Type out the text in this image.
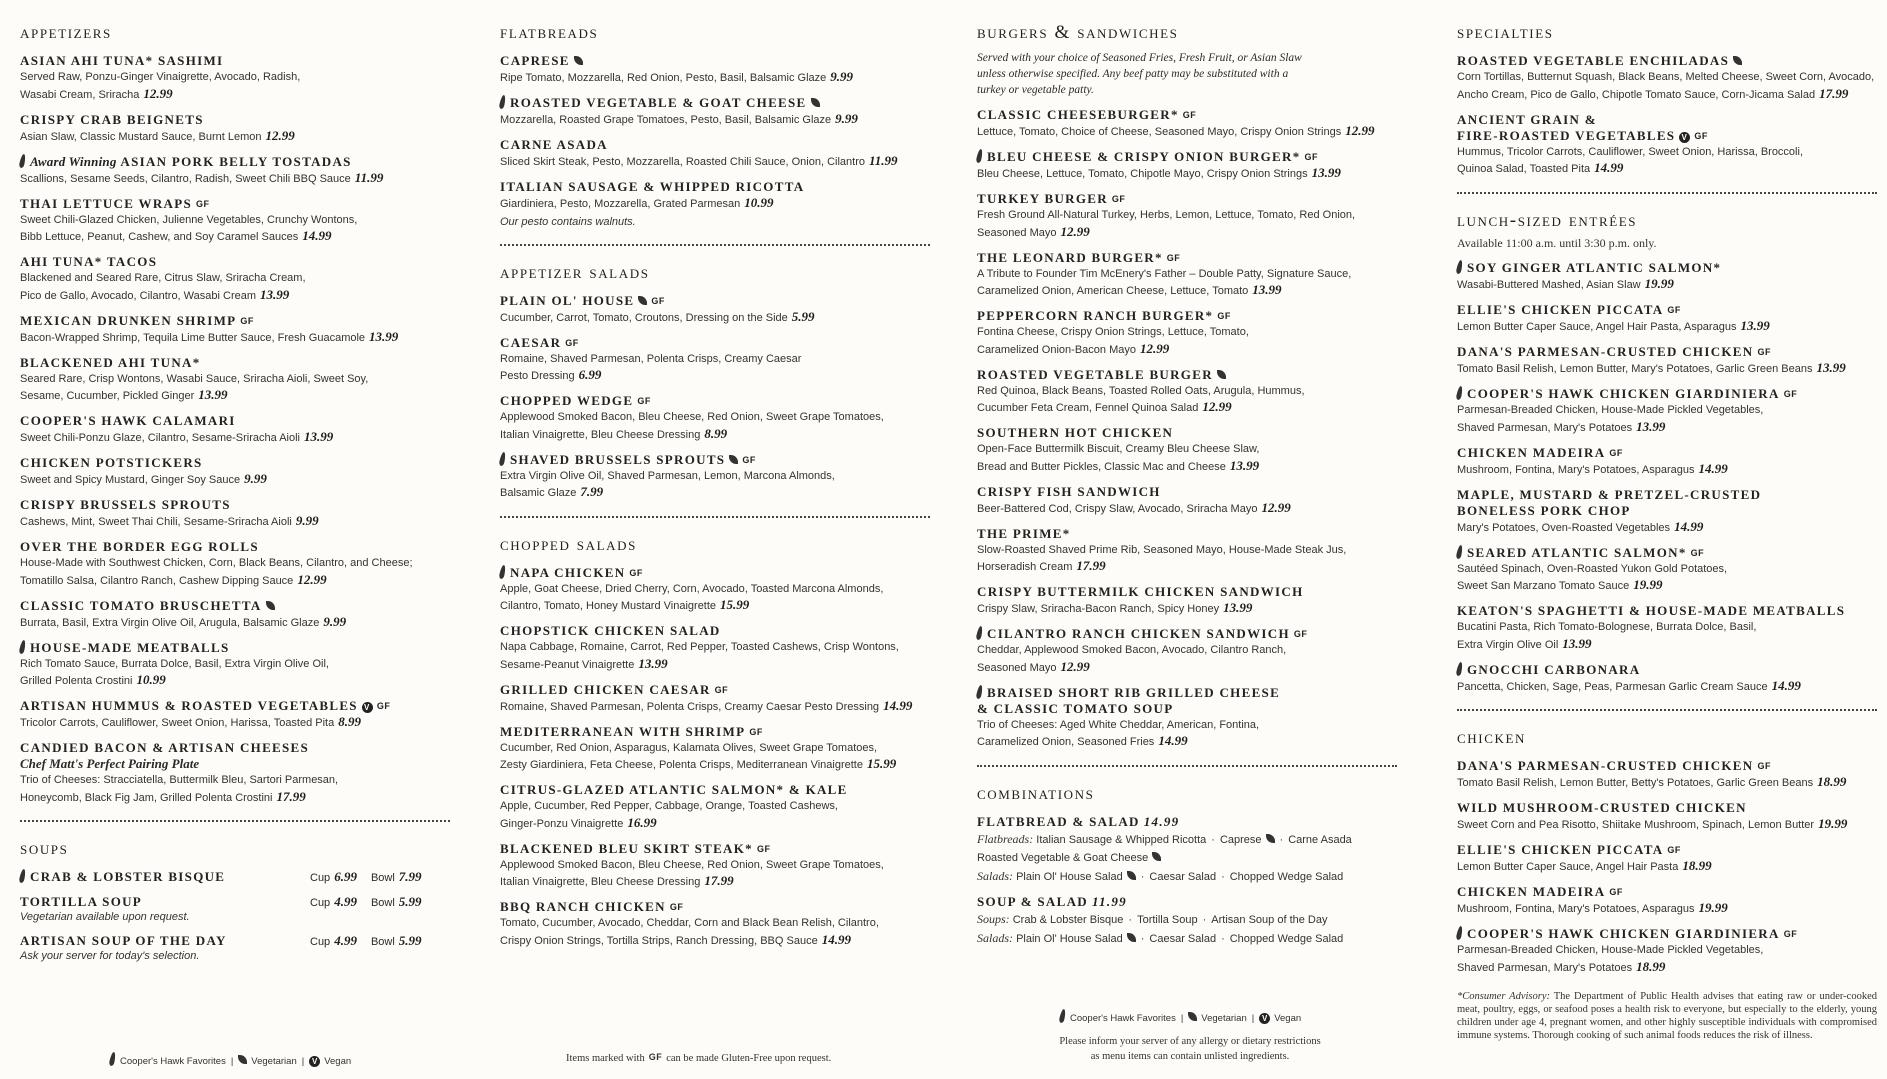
appetizers
ASIAN AHI TUNA* SASHIMI
Served Raw, Ponzu-Ginger Vinaigrette, Avocado, Radish,
Wasabi Cream, Sriracha 12.99
CRISPY CRAB BEIGNETS
Asian Slaw, Classic Mustard Sauce, Burnt Lemon 12.99
Award Winning ASIAN PORK BELLY TOSTADAS
Scallions, Sesame Seeds, Cilantro, Radish, Sweet Chili BBQ Sauce 11.99
THAI LETTUCE WRAPS GF
Sweet Chili-Glazed Chicken, Julienne Vegetables, Crunchy Wontons,
Bibb Lettuce, Peanut, Cashew, and Soy Caramel Sauces 14.99
AHI TUNA* TACOS
Blackened and Seared Rare, Citrus Slaw, Sriracha Cream,
Pico de Gallo, Avocado, Cilantro, Wasabi Cream 13.99
MEXICAN DRUNKEN SHRIMP GF
Bacon-Wrapped Shrimp, Tequila Lime Butter Sauce, Fresh Guacamole 13.99
BLACKENED AHI TUNA*
Seared Rare, Crisp Wontons, Wasabi Sauce, Sriracha Aioli, Sweet Soy,
Sesame, Cucumber, Pickled Ginger 13.99
COOPER'S HAWK CALAMARI
Sweet Chili-Ponzu Glaze, Cilantro, Sesame-Sriracha Aioli 13.99
CHICKEN POTSTICKERS
Sweet and Spicy Mustard, Ginger Soy Sauce 9.99
CRISPY BRUSSELS SPROUTS
Cashews, Mint, Sweet Thai Chili, Sesame-Sriracha Aioli 9.99
OVER THE BORDER EGG ROLLS
House-Made with Southwest Chicken, Corn, Black Beans, Cilantro, and Cheese;
Tomatillo Salsa, Cilantro Ranch, Cashew Dipping Sauce 12.99
CLASSIC TOMATO BRUSCHETTA
Burrata, Basil, Extra Virgin Olive Oil, Arugula, Balsamic Glaze 9.99
HOUSE-MADE MEATBALLS
Rich Tomato Sauce, Burrata Dolce, Basil, Extra Virgin Olive Oil,
Grilled Polenta Crostini 10.99
ARTISAN HUMMUS & ROASTED VEGETABLES V GF
Tricolor Carrots, Cauliflower, Sweet Onion, Harissa, Toasted Pita 8.99
CANDIED BACON & ARTISAN CHEESES
Chef Matt's Perfect Pairing Plate
Trio of Cheeses: Stracciatella, Buttermilk Bleu, Sartori Parmesan,
Honeycomb, Black Fig Jam, Grilled Polenta Crostini 17.99
soups
CRAB & LOBSTER BISQUE	Cup 6.99 Bowl 7.99
TORTILLA SOUP	Cup 4.99 Bowl 5.99
Vegetarian available upon request.
ARTISAN SOUP OF THE DAY	Cup 4.99 Bowl 5.99
Ask your server for today's selection.
Cooper's Hawk Favorites | Vegetarian | V Vegan
flatbreads
CAPRESE
Ripe Tomato, Mozzarella, Red Onion, Pesto, Basil, Balsamic Glaze 9.99
ROASTED VEGETABLE & GOAT CHEESE
Mozzarella, Roasted Grape Tomatoes, Pesto, Basil, Balsamic Glaze 9.99
CARNE ASADA
Sliced Skirt Steak, Pesto, Mozzarella, Roasted Chili Sauce, Onion, Cilantro 11.99
ITALIAN SAUSAGE & WHIPPED RICOTTA
Giardiniera, Pesto, Mozzarella, Grated Parmesan 10.99
Our pesto contains walnuts.
appetizer salads
PLAIN OL' HOUSE GF
Cucumber, Carrot, Tomato, Croutons, Dressing on the Side 5.99
CAESAR GF
Romaine, Shaved Parmesan, Polenta Crisps, Creamy Caesar
Pesto Dressing 6.99
CHOPPED WEDGE GF
Applewood Smoked Bacon, Bleu Cheese, Red Onion, Sweet Grape Tomatoes,
Italian Vinaigrette, Bleu Cheese Dressing 8.99
SHAVED BRUSSELS SPROUTS GF
Extra Virgin Olive Oil, Shaved Parmesan, Lemon, Marcona Almonds,
Balsamic Glaze 7.99
chopped salads
NAPA CHICKEN GF
Apple, Goat Cheese, Dried Cherry, Corn, Avocado, Toasted Marcona Almonds,
Cilantro, Tomato, Honey Mustard Vinaigrette 15.99
CHOPSTICK CHICKEN SALAD
Napa Cabbage, Romaine, Carrot, Red Pepper, Toasted Cashews, Crisp Wontons,
Sesame-Peanut Vinaigrette 13.99
GRILLED CHICKEN CAESAR GF
Romaine, Shaved Parmesan, Polenta Crisps, Creamy Caesar Pesto Dressing 14.99
MEDITERRANEAN WITH SHRIMP GF
Cucumber, Red Onion, Asparagus, Kalamata Olives, Sweet Grape Tomatoes,
Zesty Giardiniera, Feta Cheese, Polenta Crisps, Mediterranean Vinaigrette 15.99
CITRUS-GLAZED ATLANTIC SALMON* & KALE
Apple, Cucumber, Red Pepper, Cabbage, Orange, Toasted Cashews,
Ginger-Ponzu Vinaigrette 16.99
BLACKENED BLEU SKIRT STEAK* GF
Applewood Smoked Bacon, Bleu Cheese, Red Onion, Sweet Grape Tomatoes,
Italian Vinaigrette, Bleu Cheese Dressing 17.99
BBQ RANCH CHICKEN GF
Tomato, Cucumber, Avocado, Cheddar, Corn and Black Bean Relish, Cilantro,
Crispy Onion Strings, Tortilla Strips, Ranch Dressing, BBQ Sauce 14.99
Items marked with GF can be made Gluten-Free upon request.
burgers & sandwiches
Served with your choice of Seasoned Fries, Fresh Fruit, or Asian Slaw
unless otherwise specified. Any beef patty may be substituted with a
turkey or vegetable patty.
CLASSIC CHEESEBURGER* GF
Lettuce, Tomato, Choice of Cheese, Seasoned Mayo, Crispy Onion Strings 12.99
BLEU CHEESE & CRISPY ONION BURGER* GF
Bleu Cheese, Lettuce, Tomato, Chipotle Mayo, Crispy Onion Strings 13.99
TURKEY BURGER GF
Fresh Ground All-Natural Turkey, Herbs, Lemon, Lettuce, Tomato, Red Onion,
Seasoned Mayo 12.99
THE LEONARD BURGER* GF
A Tribute to Founder Tim McEnery's Father – Double Patty, Signature Sauce,
Caramelized Onion, American Cheese, Lettuce, Tomato 13.99
PEPPERCORN RANCH BURGER* GF
Fontina Cheese, Crispy Onion Strings, Lettuce, Tomato,
Caramelized Onion-Bacon Mayo 12.99
ROASTED VEGETABLE BURGER
Red Quinoa, Black Beans, Toasted Rolled Oats, Arugula, Hummus,
Cucumber Feta Cream, Fennel Quinoa Salad 12.99
SOUTHERN HOT CHICKEN
Open-Face Buttermilk Biscuit, Creamy Bleu Cheese Slaw,
Bread and Butter Pickles, Classic Mac and Cheese 13.99
CRISPY FISH SANDWICH
Beer-Battered Cod, Crispy Slaw, Avocado, Sriracha Mayo 12.99
THE PRIME*
Slow-Roasted Shaved Prime Rib, Seasoned Mayo, House-Made Steak Jus,
Horseradish Cream 17.99
CRISPY BUTTERMILK CHICKEN SANDWICH
Crispy Slaw, Sriracha-Bacon Ranch, Spicy Honey 13.99
CILANTRO RANCH CHICKEN SANDWICH GF
Cheddar, Applewood Smoked Bacon, Avocado, Cilantro Ranch,
Seasoned Mayo 12.99
BRAISED SHORT RIB GRILLED CHEESE
& CLASSIC TOMATO SOUP
Trio of Cheeses: Aged White Cheddar, American, Fontina,
Caramelized Onion, Seasoned Fries 14.99
combinations
FLATBREAD & SALAD 14.99
Flatbreads: Italian Sausage & Whipped Ricotta · Caprese · Carne Asada
Roasted Vegetable & Goat Cheese
Salads: Plain Ol' House Salad · Caesar Salad · Chopped Wedge Salad
SOUP & SALAD 11.99
Soups: Crab & Lobster Bisque · Tortilla Soup · Artisan Soup of the Day
Salads: Plain Ol' House Salad · Caesar Salad · Chopped Wedge Salad
Cooper's Hawk Favorites | Vegetarian | V Vegan
Please inform your server of any allergy or dietary restrictions
as menu items can contain unlisted ingredients.
specialties
ROASTED VEGETABLE ENCHILADAS
Corn Tortillas, Butternut Squash, Black Beans, Melted Cheese, Sweet Corn, Avocado,
Ancho Cream, Pico de Gallo, Chipotle Tomato Sauce, Corn-Jicama Salad 17.99
ANCIENT GRAIN &
FIRE-ROASTED VEGETABLES V GF
Hummus, Tricolor Carrots, Cauliflower, Sweet Onion, Harissa, Broccoli,
Quinoa Salad, Toasted Pita 14.99
lunch-sized entrées
Available 11:00 a.m. until 3:30 p.m. only.
SOY GINGER ATLANTIC SALMON*
Wasabi-Buttered Mashed, Asian Slaw 19.99
ELLIE'S CHICKEN PICCATA GF
Lemon Butter Caper Sauce, Angel Hair Pasta, Asparagus 13.99
DANA'S PARMESAN-CRUSTED CHICKEN GF
Tomato Basil Relish, Lemon Butter, Mary's Potatoes, Garlic Green Beans 13.99
COOPER'S HAWK CHICKEN GIARDINIERA GF
Parmesan-Breaded Chicken, House-Made Pickled Vegetables,
Shaved Parmesan, Mary's Potatoes 13.99
CHICKEN MADEIRA GF
Mushroom, Fontina, Mary's Potatoes, Asparagus 14.99
MAPLE, MUSTARD & PRETZEL-CRUSTED
BONELESS PORK CHOP
Mary's Potatoes, Oven-Roasted Vegetables 14.99
SEARED ATLANTIC SALMON* GF
Sautéed Spinach, Oven-Roasted Yukon Gold Potatoes,
Sweet San Marzano Tomato Sauce 19.99
KEATON'S SPAGHETTI & HOUSE-MADE MEATBALLS
Bucatini Pasta, Rich Tomato-Bolognese, Burrata Dolce, Basil,
Extra Virgin Olive Oil 13.99
GNOCCHI CARBONARA
Pancetta, Chicken, Sage, Peas, Parmesan Garlic Cream Sauce 14.99
chicken
DANA'S PARMESAN-CRUSTED CHICKEN GF
Tomato Basil Relish, Lemon Butter, Betty's Potatoes, Garlic Green Beans 18.99
WILD MUSHROOM-CRUSTED CHICKEN
Sweet Corn and Pea Risotto, Shiitake Mushroom, Spinach, Lemon Butter 19.99
ELLIE'S CHICKEN PICCATA GF
Lemon Butter Caper Sauce, Angel Hair Pasta 18.99
CHICKEN MADEIRA GF
Mushroom, Fontina, Mary's Potatoes, Asparagus 19.99
COOPER'S HAWK CHICKEN GIARDINIERA GF
Parmesan-Breaded Chicken, House-Made Pickled Vegetables,
Shaved Parmesan, Mary's Potatoes 18.99
*Consumer Advisory: The Department of Public Health advises that eating raw or under-cooked meat, poultry, eggs, or seafood poses a health risk to everyone, but especially to the elderly, young children under age 4, pregnant women, and other highly susceptible individuals with compromised immune systems. Thorough cooking of such animal foods reduces the risk of illness.
